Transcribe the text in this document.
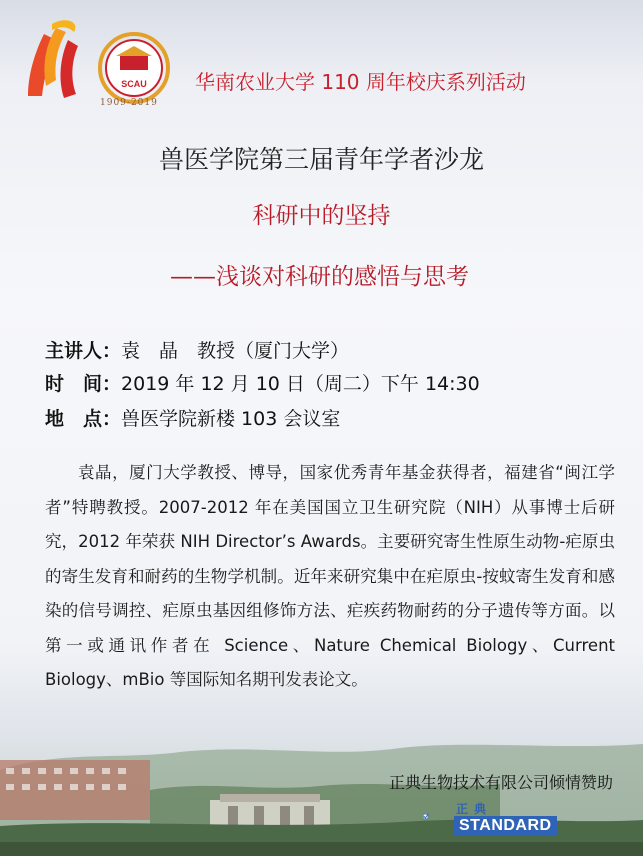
SCAU
1909-2019
华南农业大学 110 周年校庆系列活动
兽医学院第三届青年学者沙龙
科研中的坚持
——浅谈对科研的感悟与思考
主讲人：袁　晶　教授（厦门大学）
时　间：2019 年 12 月 10 日（周二）下午 14:30
地　点：兽医学院新楼 103 会议室
袁晶，厦门大学教授、博导，国家优秀青年基金获得者，福建省“闽江学者”特聘教授。2007-2012 年在美国国立卫生研究院（NIH）从事博士后研究，2012 年荣获 NIH Director’s Awards。主要研究寄生性原生动物-疟原虫的寄生发育和耐药的生物学机制。近年来研究集中在疟原虫-按蚊寄生发育和感染的信号调控、疟原虫基因组修饰方法、疟疾药物耐药的分子遗传等方面。以第一或通讯作者在 Science、Nature Chemical Biology、Current Biology、mBio 等国际知名期刊发表论文。
正典生物技术有限公司倾情赞助
正典
STANDARD
